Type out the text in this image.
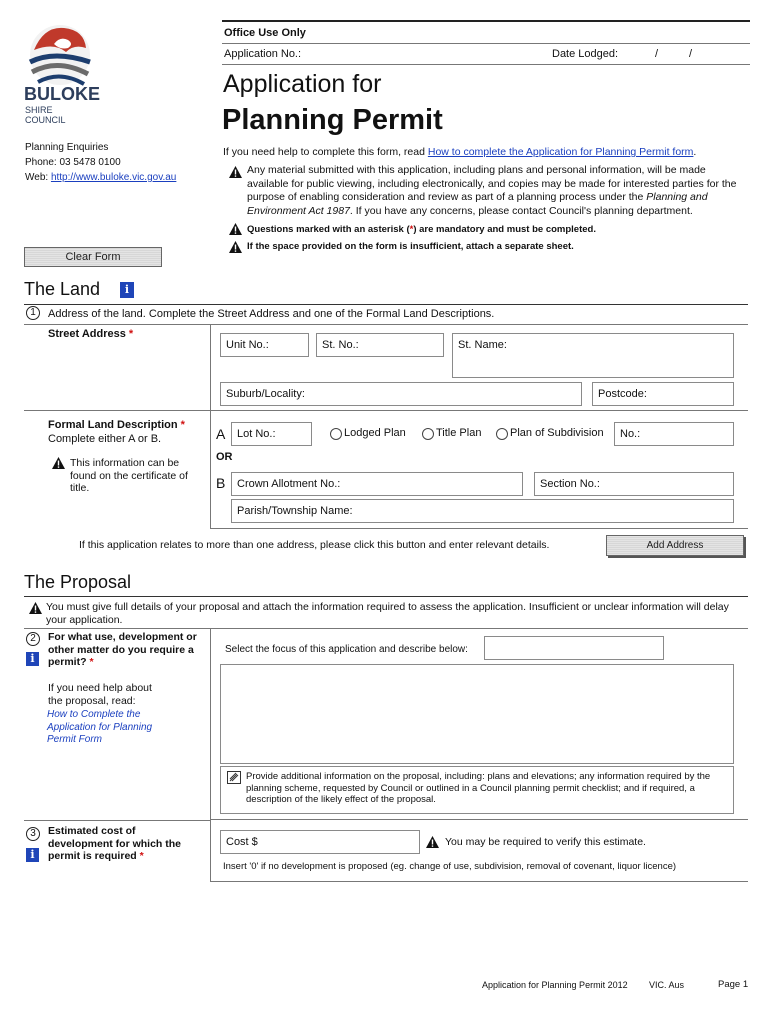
BULOKE
SHIRE COUNCIL
Planning Enquiries
Phone: 03 5478 0100
Web: http://www.buloke.vic.gov.au
Clear Form
Office Use Only
Application No.:	Date Lodged:	/	/
Application for
Planning Permit
If you need help to complete this form, read How to complete the Application for Planning Permit form.
Any material submitted with this application, including plans and personal information, will be made available for public viewing, including electronically, and copies may be made for interested parties for the purpose of enabling consideration and review as part of a planning process under the Planning and Environment Act 1987. If you have any concerns, please contact Council's planning department.
Questions marked with an asterisk (*) are mandatory and must be completed.
If the space provided on the form is insufficient, attach a separate sheet.
The Land	i
1	Address of the land. Complete the Street Address and one of the Formal Land Descriptions.
Street Address *
Unit No.:	St. No.:	St. Name:
Suburb/Locality:	Postcode:
Formal Land Description *
Complete either A or B.
This information can be found on the certificate of title.
A	Lot No.:	Lodged Plan	Title Plan	Plan of Subdivision	No.:
OR
B	Crown Allotment No.:	Section No.:
Parish/Township Name:
If this application relates to more than one address, please click this button and enter relevant details.	Add Address
The Proposal
You must give full details of your proposal and attach the information required to assess the application. Insufficient or unclear information will delay your application.
2
i
For what use, development or other matter do you require a permit? *
If you need help about the proposal, read:
How to Complete the Application for Planning Permit Form
Select the focus of this application and describe below:
Provide additional information on the proposal, including: plans and elevations; any information required by the planning scheme, requested by Council or outlined in a Council planning permit checklist; and if required, a description of the likely effect of the proposal.
3
i
Estimated cost of development for which the permit is required *
Cost $	You may be required to verify this estimate.
Insert '0' if no development is proposed (eg. change of use, subdivision, removal of covenant, liquor licence)
Application for Planning Permit 2012 VIC. Aus	Page 1
